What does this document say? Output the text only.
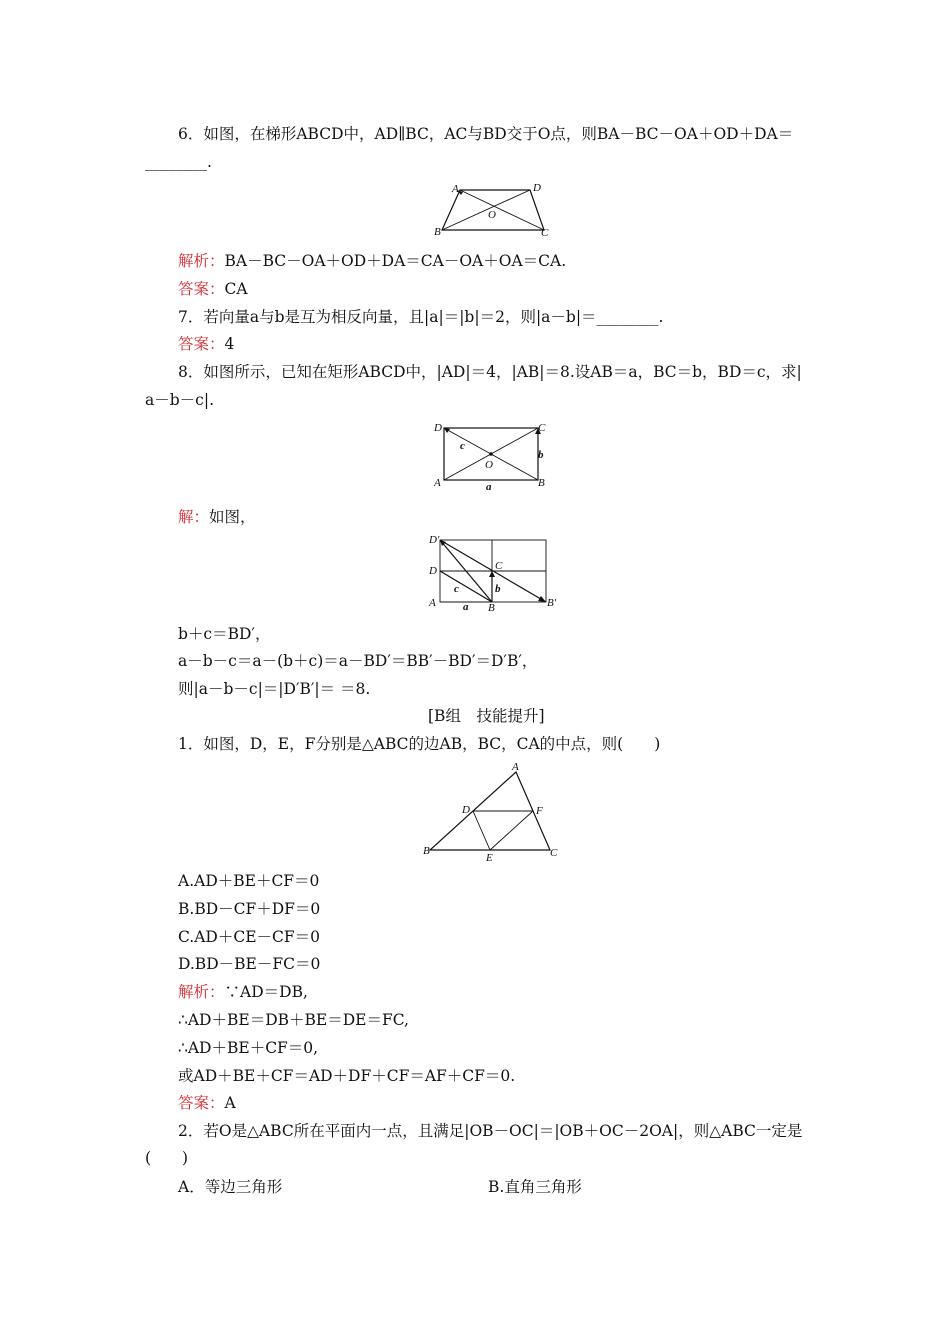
6．如图，在梯形ABCD中，AD∥BC，AC与BD交于O点，则BA－BC－OA＋OD＋DA＝
________.
A	D
B	C
O
解析：BA－BC－OA＋OD＋DA＝CA－OA＋OA＝CA.
答案：CA
7．若向量a与b是互为相反向量，且|a|＝|b|＝2，则|a－b|＝________.
答案：4
8．如图所示，已知在矩形ABCD中，|AD|＝4，|AB|＝8.设AB＝a，BC＝b，BD＝c，求|
a－b－c|.
D	C
A	B
O
a
b
c
解：如图，
D′
D
A	B
C
B′
a
b
c
b＋c＝BD′，
a－b－c＝a－(b＋c)＝a－BD′＝BB′－BD′＝D′B′，
则|a－b－c|＝|D′B′|＝ ＝8.
[B组　技能提升]
1．如图，D，E，F分别是△ABC的边AB，BC，CA的中点，则(　　)
A
B	C
D
E
F
A.AD＋BE＋CF＝0
B.BD－CF＋DF＝0
C.AD＋CE－CF＝0
D.BD－BE－FC＝0
解析：∵AD＝DB,
∴AD＋BE＝DB＋BE＝DE＝FC,
∴AD＋BE＋CF＝0,
或AD＋BE＋CF＝AD＋DF＋CF＝AF＋CF＝0.
答案：A
2．若O是△ABC所在平面内一点，且满足|OB－OC|＝|OB＋OC－2OA|，则△ABC一定是
(　　)
A．等边三角形	B.直角三角形
